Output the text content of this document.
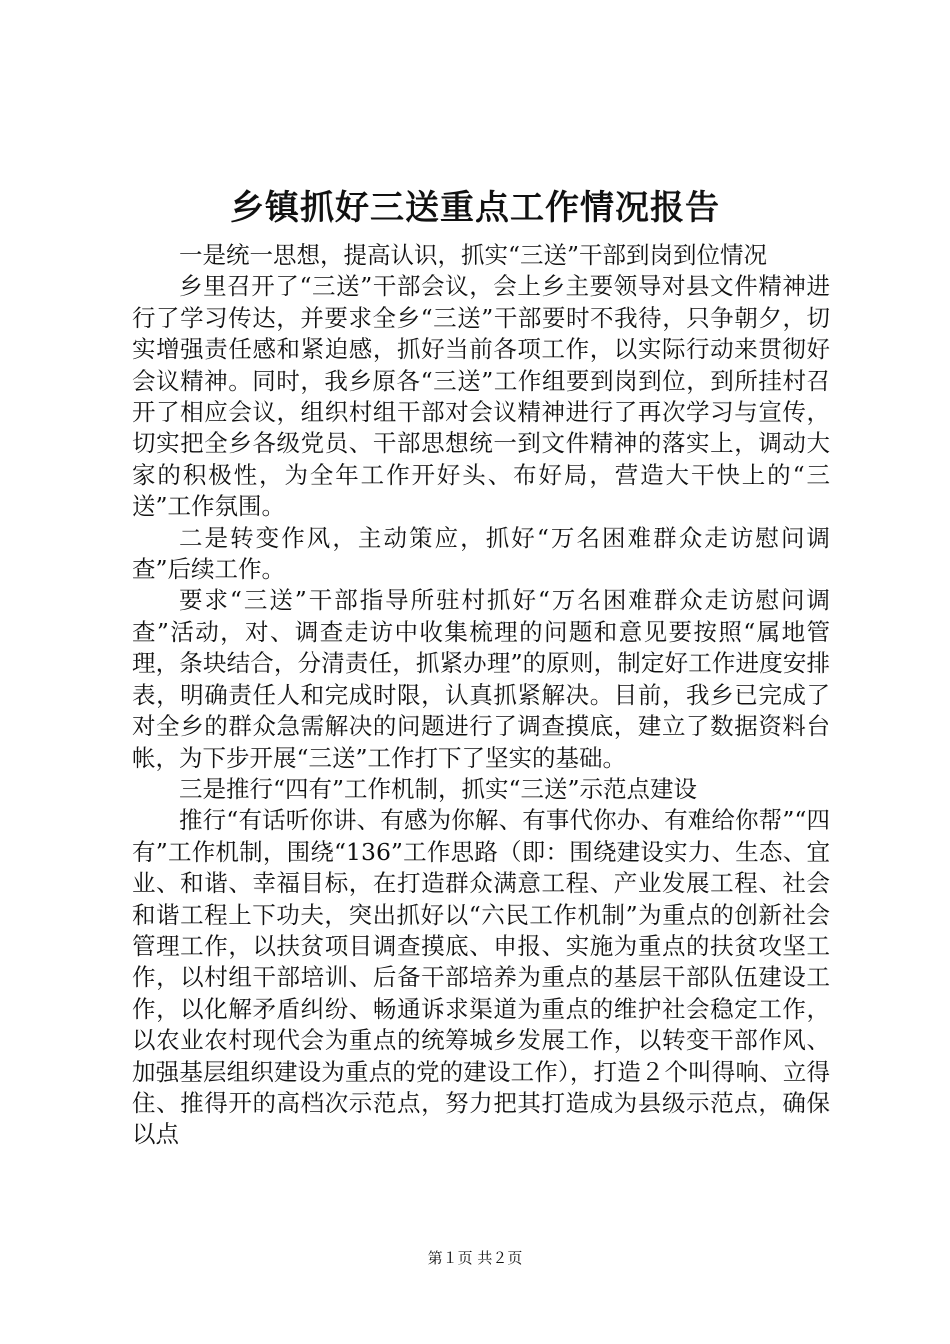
乡镇抓好三送重点工作情况报告

一是统一思想，提高认识，抓实“三送”干部到岗到位情况

乡里召开了“三送”干部会议，会上乡主要领导对县文件精神进行了学习传达，并要求全乡“三送”干部要时不我待，只争朝夕，切实增强责任感和紧迫感，抓好当前各项工作，以实际行动来贯彻好会议精神。同时，我乡原各“三送”工作组要到岗到位，到所挂村召开了相应会议，组织村组干部对会议精神进行了再次学习与宣传，切实把全乡各级党员、干部思想统一到文件精神的落实上，调动大家的积极性，为全年工作开好头、布好局，营造大干快上的“三送”工作氛围。

二是转变作风，主动策应，抓好“万名困难群众走访慰问调查”后续工作。

要求“三送”干部指导所驻村抓好“万名困难群众走访慰问调查”活动，对、调查走访中收集梳理的问题和意见要按照“属地管理，条块结合，分清责任，抓紧办理”的原则，制定好工作进度安排表，明确责任人和完成时限，认真抓紧解决。目前，我乡已完成了对全乡的群众急需解决的问题进行了调查摸底，建立了数据资料台帐，为下步开展“三送”工作打下了坚实的基础。

三是推行“四有”工作机制，抓实“三送”示范点建设

推行“有话听你讲、有感为你解、有事代你办、有难给你帮”“四有”工作机制，围绕“136”工作思路（即：围绕建设实力、生态、宜业、和谐、幸福目标，在打造群众满意工程、产业发展工程、社会和谐工程上下功夫，突出抓好以“六民工作机制”为重点的创新社会管理工作，以扶贫项目调查摸底、申报、实施为重点的扶贫攻坚工作，以村组干部培训、后备干部培养为重点的基层干部队伍建设工作，以化解矛盾纠纷、畅通诉求渠道为重点的维护社会稳定工作，以农业农村现代会为重点的统筹城乡发展工作，以转变干部作风、加强基层组织建设为重点的党的建设工作），打造２个叫得响、立得住、推得开的高档次示范点，努力把其打造成为县级示范点，确保以点

第１页 共２页
